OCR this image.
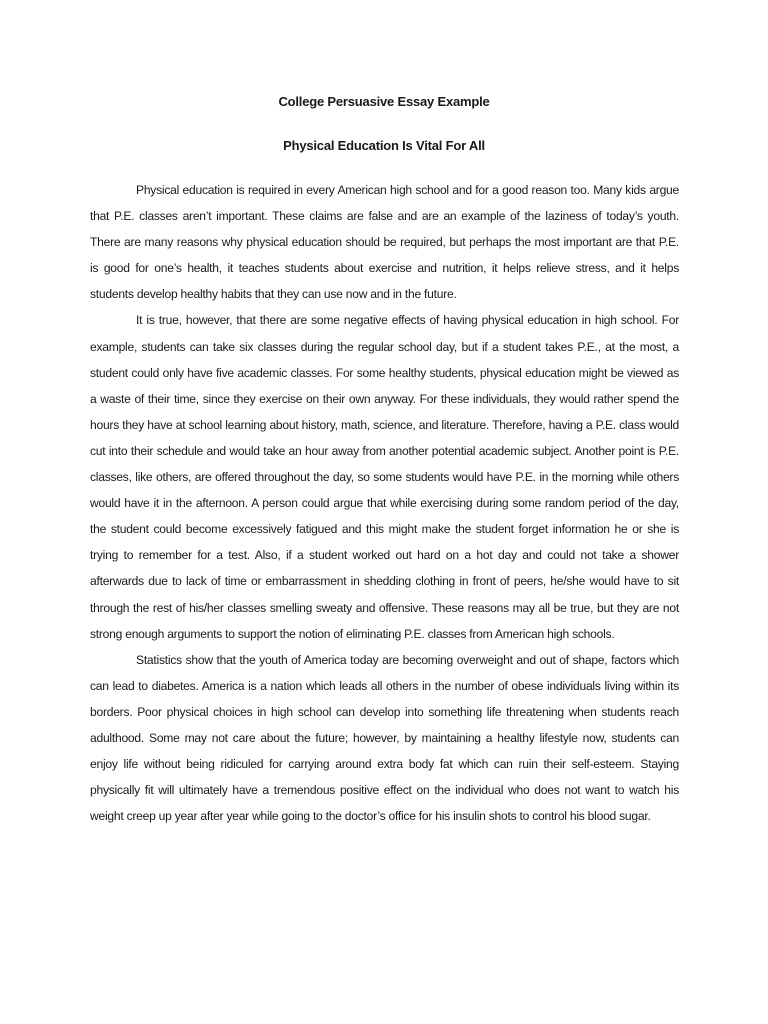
College Persuasive Essay Example
Physical Education Is Vital For All

Physical education is required in every American high school and for a good reason too. Many kids argue that P.E. classes aren’t important. These claims are false and are an example of the laziness of today’s youth. There are many reasons why physical education should be required, but perhaps the most important are that P.E. is good for one’s health, it teaches students about exercise and nutrition, it helps relieve stress, and it helps students develop healthy habits that they can use now and in the future.

It is true, however, that there are some negative effects of having physical education in high school. For example, students can take six classes during the regular school day, but if a student takes P.E., at the most, a student could only have five academic classes. For some healthy students, physical education might be viewed as a waste of their time, since they exercise on their own anyway. For these individuals, they would rather spend the hours they have at school learning about history, math, science, and literature. Therefore, having a P.E. class would cut into their schedule and would take an hour away from another potential academic subject. Another point is P.E. classes, like others, are offered throughout the day, so some students would have P.E. in the morning while others would have it in the afternoon. A person could argue that while exercising during some random period of the day, the student could become excessively fatigued and this might make the student forget information he or she is trying to remember for a test. Also, if a student worked out hard on a hot day and could not take a shower afterwards due to lack of time or embarrassment in shedding clothing in front of peers, he/she would have to sit through the rest of his/her classes smelling sweaty and offensive. These reasons may all be true, but they are not strong enough arguments to support the notion of eliminating P.E. classes from American high schools.

Statistics show that the youth of America today are becoming overweight and out of shape, factors which can lead to diabetes. America is a nation which leads all others in the number of obese individuals living within its borders. Poor physical choices in high school can develop into something life threatening when students reach adulthood. Some may not care about the future; however, by maintaining a healthy lifestyle now, students can enjoy life without being ridiculed for carrying around extra body fat which can ruin their self-esteem. Staying physically fit will ultimately have a tremendous positive effect on the individual who does not want to watch his weight creep up year after year while going to the doctor’s office for his insulin shots to control his blood sugar.
